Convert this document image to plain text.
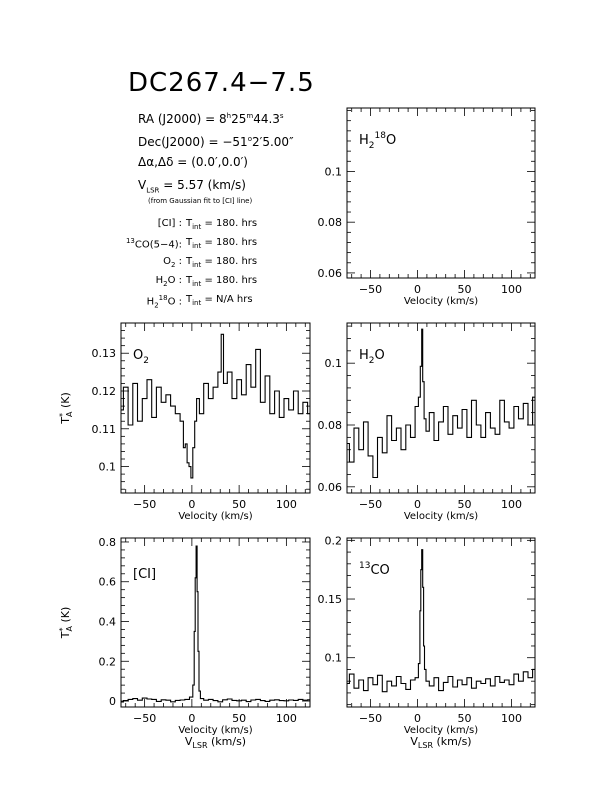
DC267.4−7.5
RA $(J2000) = 8^h25^m44.3^s$
$Dec(J2000) = -51^o2'5.00''$
Δα,Δδ = (0.0′,0.0′)
$V_{LSR} = 5.57$ (km/s)
(from Gaussian fit to [CI] line)
[CI] : $T_{int} = 180$. hrs
$^{13}$CO(5−4): $T_{int} = 180$. hrs
$O_2$ : $T_{int} = 180$. hrs
$H_2O$ : $T_{int} = 180$. hrs
$H_2^{18}O$ : $T_{int} = N/A$ hrs
−50	0	50	100
0.06
0.08
0.1
Velocity (km/s)
$H_2^{18}O$
−50	0	50	100
0.1
0.11
0.12
0.13
Velocity (km/s)
T*A (K)
$O_2$
−50	0	50	100
0.06
0.08
0.1
Velocity (km/s)
$H_2O$
−50	0	50	100
0
0.2
0.4
0.6
0.8
Velocity (km/s)
$V_{LSR}$ (km/s)
T*A (K)
[CI]
−50	0	50	100
0.1
0.15
0.2
Velocity (km/s)
$V_{LSR}$ (km/s)
$^{13}$CO
